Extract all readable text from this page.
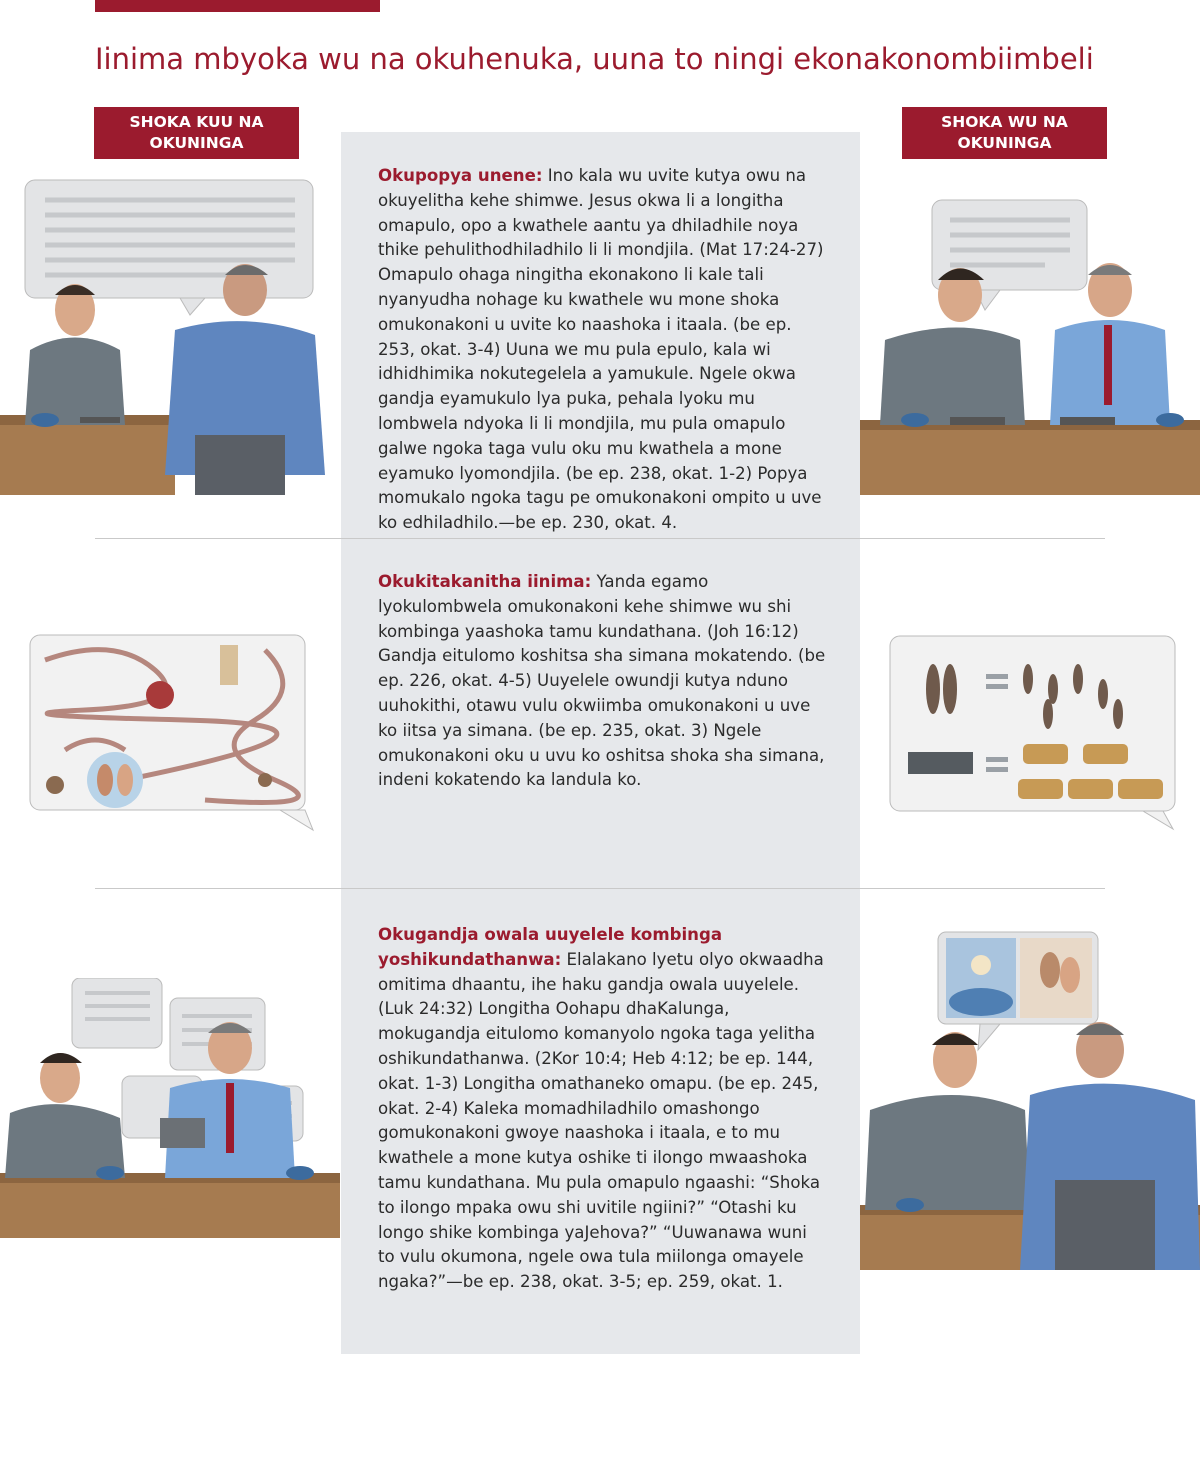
Iinima mbyoka wu na okuhenuka, uuna to ningi ekonakonombiimbeli
SHOKA KUU NA
OKUNINGA
SHOKA WU NA
OKUNINGA
Okupopya unene: Ino kala wu uvite kutya owu na okuyelitha kehe shimwe. Jesus okwa li a longitha omapulo, opo a kwathele aantu ya dhiladhile noya thike pehulithodhiladhilo li li mondjila. (Mat 17:24-27) Omapulo ohaga ningitha ekonakono li kale tali nyanyudha nohage ku kwathele wu mone shoka omukonakoni u uvite ko naashoka i itaala. (be ep. 253, okat. 3-4) Uuna we mu pula epulo, kala wi idhidhimika nokutegelela a yamukule. Ngele okwa gandja eyamukulo lya puka, pehala lyoku mu lombwela ndyoka li li mondjila, mu pula omapulo galwe ngoka taga vulu oku mu kwathela a mone eyamuko lyomondjila. (be ep. 238, okat. 1-2) Popya momukalo ngoka tagu pe omukonakoni ompito u uve ko edhiladhilo.—be ep. 230, okat. 4.
Okukitakanitha iinima: Yanda egamo lyokulombwela omukonakoni kehe shimwe wu shi kombinga yaashoka tamu kundathana. (Joh 16:12) Gandja eitulomo koshitsa sha simana mokatendo. (be ep. 226, okat. 4-5) Uuyelele owundji kutya nduno uuhokithi, otawu vulu okwiimba omukonakoni u uve ko iitsa ya simana. (be ep. 235, okat. 3) Ngele omukonakoni oku u uvu ko oshitsa shoka sha simana, indeni kokatendo ka landula ko.
Okugandja owala uuyelele kombinga yoshikundathanwa: Elalakano lyetu olyo okwaadha omitima dhaantu, ihe haku gandja owala uuyelele. (Luk 24:32) Longitha Oohapu dhaKalunga, mokugandja eitulomo komanyolo ngoka taga yelitha oshikundathanwa. (2Kor 10:4; Heb 4:12; be ep. 144, okat. 1-3) Longitha omathaneko omapu. (be ep. 245, okat. 2-4) Kaleka momadhiladhilo omashongo gomukonakoni gwoye naashoka i itaala, e to mu kwathele a mone kutya oshike ti ilongo mwaashoka tamu kundathana. Mu pula omapulo ngaashi: “Shoka to ilongo mpaka owu shi uvitile ngiini?” “Otashi ku longo shike kombinga yaJehova?” “Uuwanawa wuni to vulu okumona, ngele owa tula miilonga omayele ngaka?”—be ep. 238, okat. 3-5; ep. 259, okat. 1.
